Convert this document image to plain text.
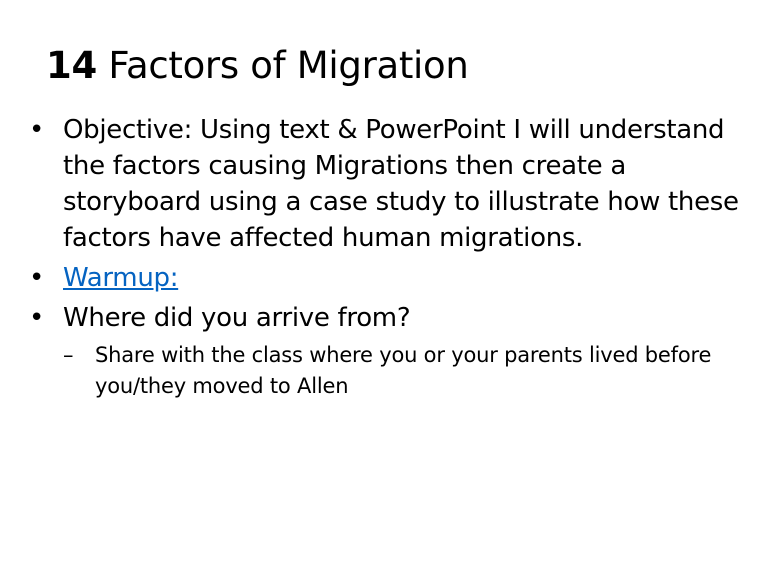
14 Factors of Migration
• Objective: Using text & PowerPoint I will understand the factors causing Migrations then create a storyboard using a case study to illustrate how these factors have affected human migrations.
• Warmup:
• Where did you arrive from?
– Share with the class where you or your parents lived before you/they moved to Allen
